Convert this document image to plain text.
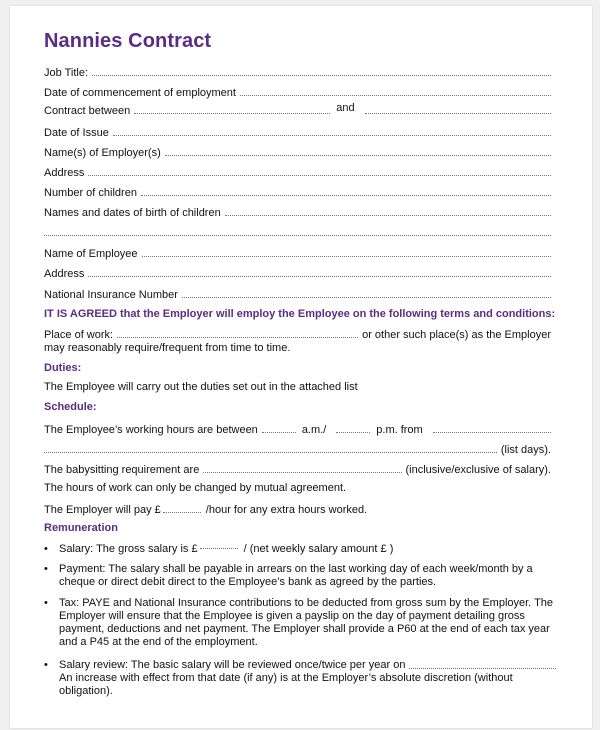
Nannies Contract
Job Title:
Date of commencement of employment
Contract between	and
Date of Issue
Name(s) of Employer(s)
Address
Number of children
Names and dates of birth of children
Name of Employee
Address
National Insurance Number
IT IS AGREED that the Employer will employ the Employee on the following terms and conditions:
Place of work:	or other such place(s) as the Employer
may reasonably require/frequent from time to time.
Duties:
The Employee will carry out the duties set out in the attached list
Schedule:
The Employee’s working hours are between	a.m./	p.m. from
(list days).
The babysitting requirement are	(inclusive/exclusive of salary).
The hours of work can only be changed by mutual agreement.
The Employer will pay £	/hour for any extra hours worked.
Remuneration
•	Salary: The gross salary is £	/ (net weekly salary amount £ )
•	Payment: The salary shall be payable in arrears on the last working day of each week/month by a
cheque or direct debit direct to the Employee’s bank as agreed by the parties.
•	Tax: PAYE and National Insurance contributions to be deducted from gross sum by the Employer. The
Employer will ensure that the Employee is given a payslip on the day of payment detailing gross
payment, deductions and net payment. The Employer shall provide a P60 at the end of each tax year
and a P45 at the end of the employment.
•	Salary review: The basic salary will be reviewed once/twice per year on
An increase with effect from that date (if any) is at the Employer’s absolute discretion (without
obligation).
